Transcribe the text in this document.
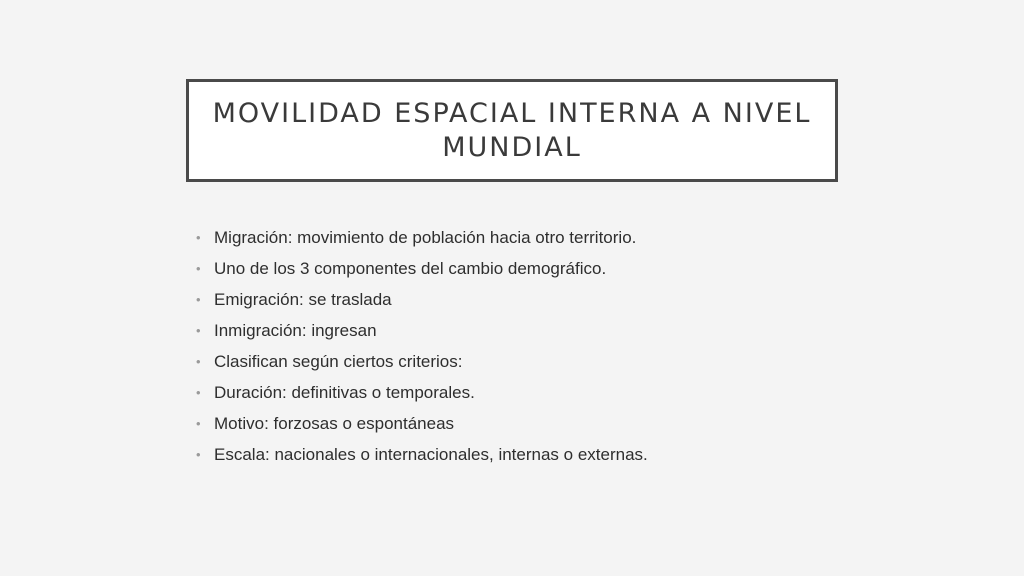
MOVILIDAD ESPACIAL INTERNA A NIVEL MUNDIAL
• Migración: movimiento de población hacia otro territorio.
• Uno de los 3 componentes del cambio demográfico.
• Emigración: se traslada
• Inmigración: ingresan
• Clasifican según ciertos criterios:
• Duración: definitivas o temporales.
• Motivo: forzosas o espontáneas
• Escala: nacionales o internacionales, internas o externas.
